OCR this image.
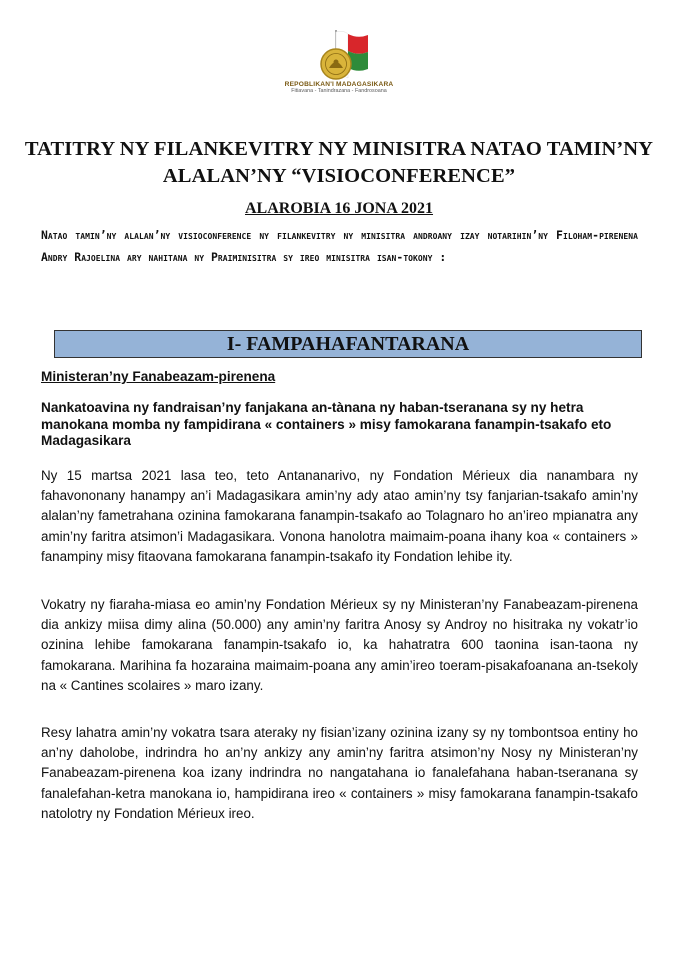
REPOBLIKAN'I MADAGASIKARA
Fitiavana - Tanindrazana - Fandrosoana
TATITRY NY FILANKEVITRY NY MINISITRA NATAO TAMIN’NY ALALAN’NY “VISIOCONFERENCE”
ALAROBIA 16 JONA 2021
Natao tamin’ny alalan’ny visioconference ny filankevitry ny minisitra androany izay notarihin’ny Filoham-pirenena Andry Rajoelina ary nahitana ny Praiminisitra sy ireo minisitra isan-tokony :
I- FAMPAHAFANTARANA
Ministeran’ny Fanabeazam-pirenena
Nankatoavina ny fandraisan’ny fanjakana an-tànana ny haban-tseranana sy ny hetra manokana momba ny fampidirana « containers » misy famokarana fanampin-tsakafo eto Madagasikara
Ny 15 martsa 2021 lasa teo, teto Antananarivo, ny Fondation Mérieux dia nanambara ny fahavononany hanampy an’i Madagasikara amin’ny ady atao amin’ny tsy fanjarian-tsakafo amin’ny alalan’ny fametrahana ozinina famokarana fanampin-tsakafo ao Tolagnaro ho an’ireo mpianatra any amin’ny faritra atsimon’i Madagasikara. Vonona hanolotra maimaim-poana ihany koa « containers » fanampiny misy fitaovana famokarana fanampin-tsakafo ity Fondation lehibe ity.
Vokatry ny fiaraha-miasa eo amin’ny Fondation Mérieux sy ny Ministeran’ny Fanabeazam-pirenena dia ankizy miisa dimy alina (50.000) any amin’ny faritra Anosy sy Androy no hisitraka ny vokatr’io ozinina lehibe famokarana fanampin-tsakafo io, ka hahatratra 600 taonina isan-taona ny famokarana. Marihina fa hozaraina maimaim-poana any amin’ireo toeram-pisakafoanana an-tsekoly na « Cantines scolaires » maro izany.
Resy lahatra amin’ny vokatra tsara ateraky ny fisian’izany ozinina izany sy ny tombontsoa entiny ho an’ny daholobe, indrindra ho an’ny ankizy any amin’ny faritra atsimon’ny Nosy ny Ministeran’ny Fanabeazam-pirenena koa izany indrindra no nangatahana io fanalefahana haban-tseranana sy fanalefahan-ketra manokana io, hampidirana ireo « containers » misy famokarana fanampin-tsakafo natolotry ny Fondation Mérieux ireo.
